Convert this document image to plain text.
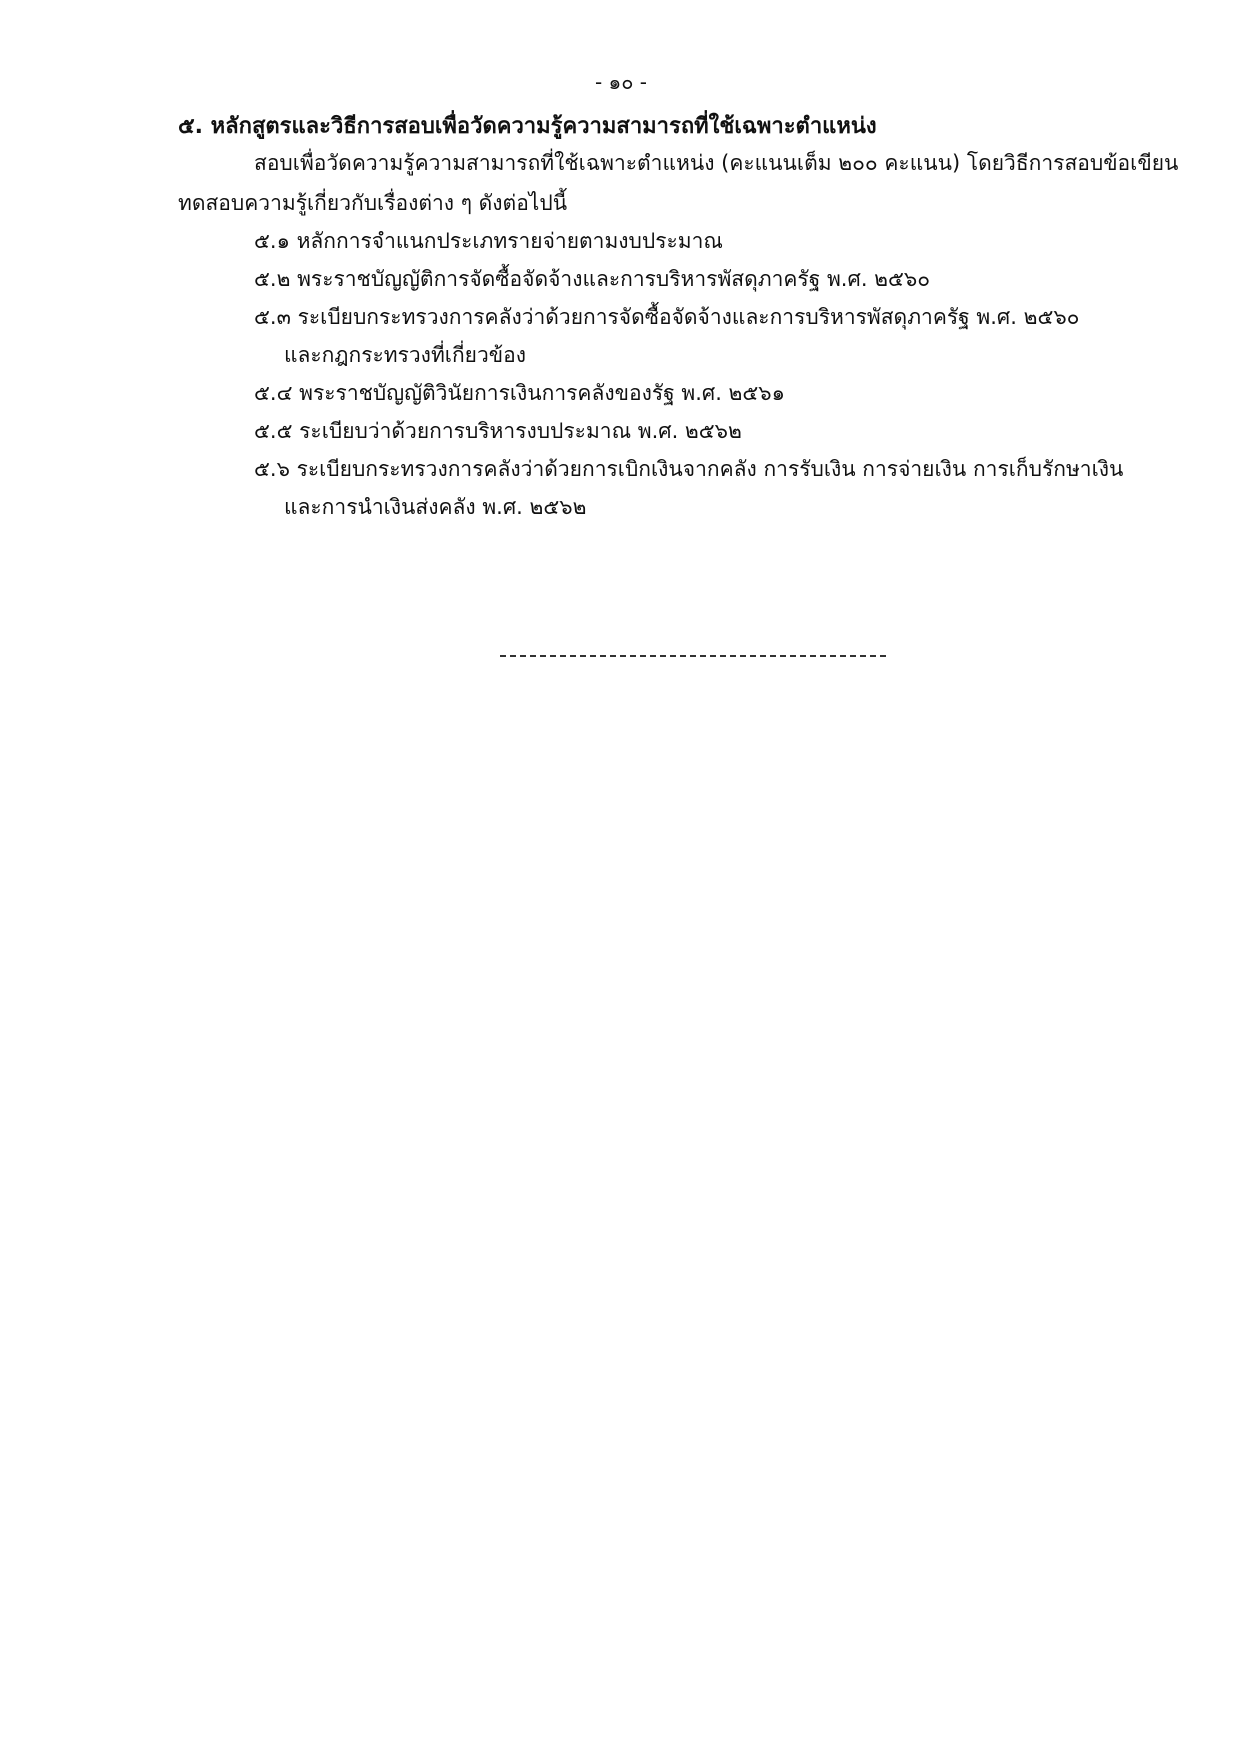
- ๑๐ -
๕. หลักสูตรและวิธีการสอบเพื่อวัดความรู้ความสามารถที่ใช้เฉพาะตำแหน่ง
สอบเพื่อวัดความรู้ความสามารถที่ใช้เฉพาะตำแหน่ง (คะแนนเต็ม ๒๐๐ คะแนน) โดยวิธีการสอบข้อเขียน
ทดสอบความรู้เกี่ยวกับเรื่องต่าง ๆ ดังต่อไปนี้
๕.๑ หลักการจำแนกประเภทรายจ่ายตามงบประมาณ
๕.๒ พระราชบัญญัติการจัดซื้อจัดจ้างและการบริหารพัสดุภาครัฐ พ.ศ. ๒๕๖๐
๕.๓ ระเบียบกระทรวงการคลังว่าด้วยการจัดซื้อจัดจ้างและการบริหารพัสดุภาครัฐ พ.ศ. ๒๕๖๐
และกฎกระทรวงที่เกี่ยวข้อง
๕.๔ พระราชบัญญัติวินัยการเงินการคลังของรัฐ พ.ศ. ๒๕๖๑
๕.๕ ระเบียบว่าด้วยการบริหารงบประมาณ พ.ศ. ๒๕๖๒
๕.๖ ระเบียบกระทรวงการคลังว่าด้วยการเบิกเงินจากคลัง การรับเงิน การจ่ายเงิน การเก็บรักษาเงิน
และการนำเงินส่งคลัง พ.ศ. ๒๕๖๒
